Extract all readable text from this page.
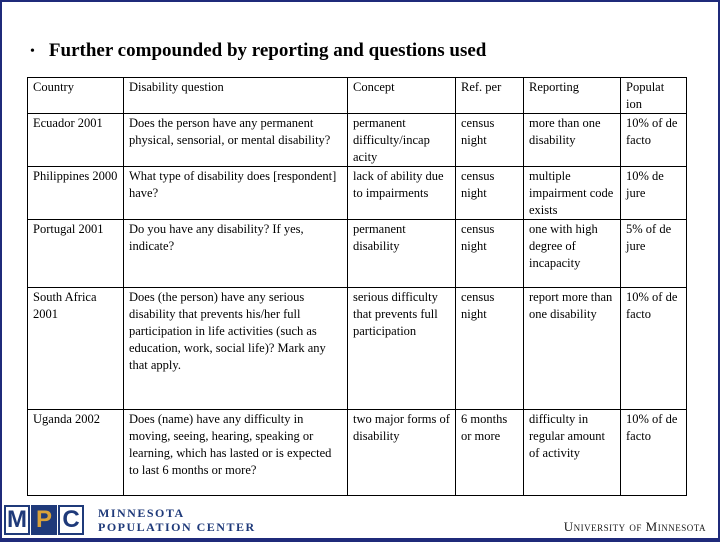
• Further compounded by reporting and questions used
Country	Disability question	Concept	Ref. per	Reporting	Populat ion
Ecuador 2001	Does the person have any permanent physical, sensorial, or mental disability?	permanent difficulty/incap acity	census night	more than one disability	10% of de facto
Philippines 2000	What type of disability does [respondent] have?	lack of ability due to impairments	census night	multiple impairment code exists	10% de jure
Portugal 2001	Do you have any disability? If yes, indicate?	permanent disability	census night	one with high degree of incapacity	5% of de jure
South Africa 2001	Does (the person) have any serious disability that prevents his/her full participation in life activities (such as education, work, social life)? Mark any that apply.	serious difficulty that prevents full participation	census night	report more than one disability	10% of de facto
Uganda 2002	Does (name) have any difficulty in moving, seeing, hearing, speaking or learning, which has lasted or is expected to last 6 months or more?	two major forms of disability	6 months or more	difficulty in regular amount of activity	10% of de facto
M P C	MINNESOTA
POPULATION CENTER	University of Minnesota
